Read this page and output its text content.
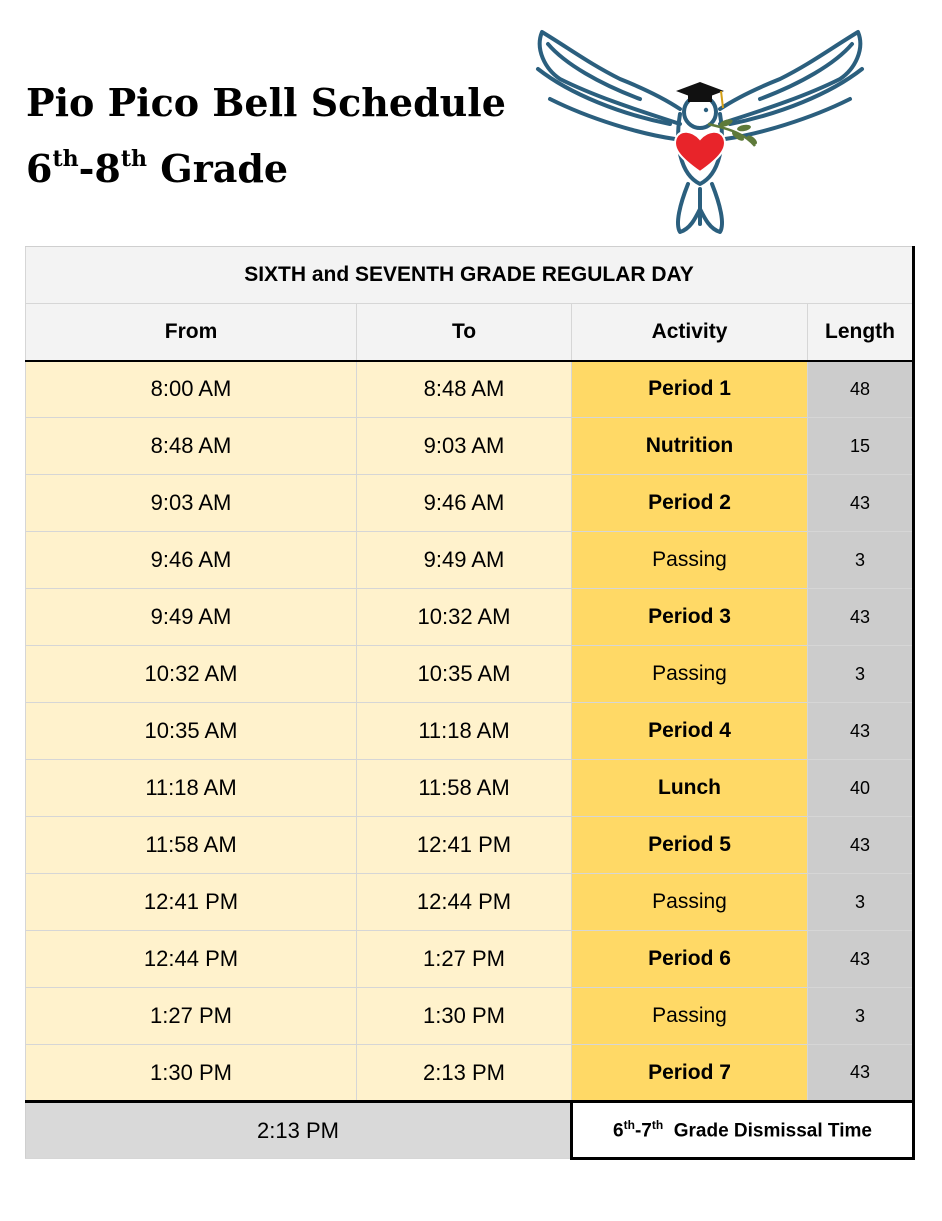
Pio Pico Bell Schedule
6th-8th Grade
SIXTH and SEVENTH GRADE REGULAR DAY			
From	To	Activity	Length
8:00 AM	8:48 AM	Period 1	48
8:48 AM	9:03 AM	Nutrition	15
9:03 AM	9:46 AM	Period 2	43
9:46 AM	9:49 AM	Passing	3
9:49 AM	10:32 AM	Period 3	43
10:32 AM	10:35 AM	Passing	3
10:35 AM	11:18 AM	Period 4	43
11:18 AM	11:58 AM	Lunch	40
11:58 AM	12:41 PM	Period 5	43
12:41 PM	12:44 PM	Passing	3
12:44 PM	1:27 PM	Period 6	43
1:27 PM	1:30 PM	Passing	3
1:30 PM	2:13 PM	Period 7	43
2:13 PM		6th-7th  Grade Dismissal Time	
